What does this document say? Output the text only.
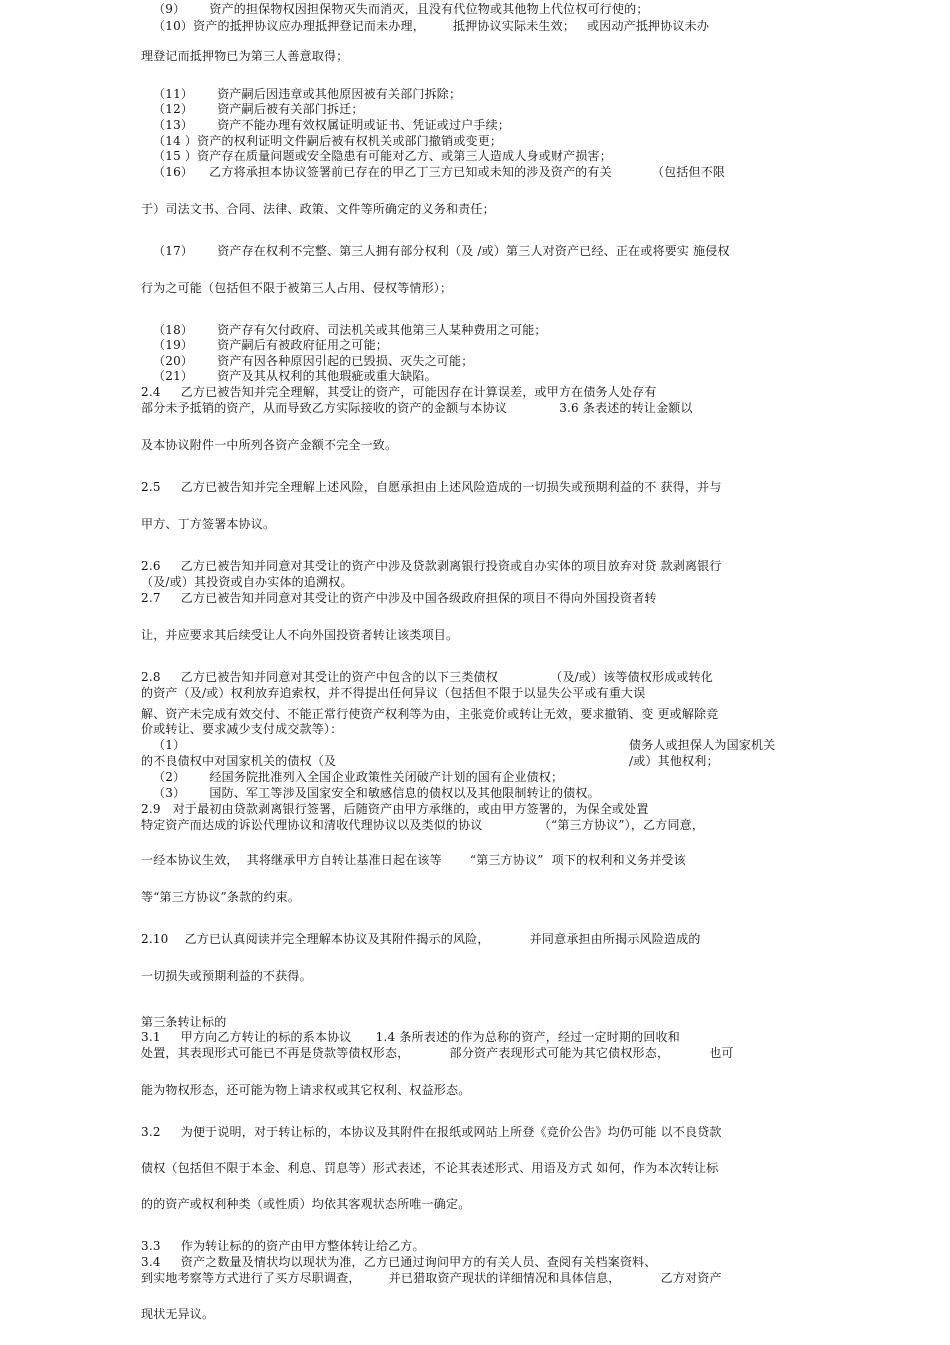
（9）      资产的担保物权因担保物灭失而消灭，且没有代位物或其他物上代位权可行使的；
（10）资产的抵押协议应办理抵押登记而未办理，       抵押协议实际未生效；   或因动产抵押协议未办
理登记而抵押物已为第三人善意取得；
（11）      资产嗣后因违章或其他原因被有关部门拆除；
（12）      资产嗣后被有关部门拆迁；
（13）      资产不能办理有效权属证明或证书、凭证或过户手续；
（14 ）资产的权利证明文件嗣后被有权机关或部门撤销或变更；
（15 ）资产存在质量问题或安全隐患有可能对乙方、或第三人造成人身或财产损害；
（16）    乙方将承担本协议签署前已存在的甲乙丁三方已知或未知的涉及资产的有关          （包括但不限
于）司法文书、合同、法律、政策、文件等所确定的义务和责任；
（17）      资产存在权利不完整、第三人拥有部分权利（及 /或）第三人对资产已经、正在或将要实 施侵权
行为之可能（包括但不限于被第三人占用、侵权等情形）；
（18）      资产存有欠付政府、司法机关或其他第三人某种费用之可能；
（19）      资产嗣后有被政府征用之可能；
（20）      资产有因各种原因引起的已毁损、灭失之可能；
（21）      资产及其从权利的其他瑕疵或重大缺陷。
2.4     乙方已被告知并完全理解，其受让的资产，可能因存在计算误差，或甲方在债务人处存有
部分未予抵销的资产，从而导致乙方实际接收的资产的金额与本协议             3.6 条表述的转让金额以
及本协议附件一中所列各资产金额不完全一致。
2.5     乙方已被告知并完全理解上述风险，自愿承担由上述风险造成的一切损失或预期利益的不 获得，并与
甲方、丁方签署本协议。
2.6     乙方已被告知并同意对其受让的资产中涉及贷款剥离银行投资或自办实体的项目放弃对贷 款剥离银行
（及/或）其投资或自办实体的追溯权。
2.7     乙方已被告知并同意对其受让的资产中涉及中国各级政府担保的项目不得向外国投资者转
让，并应要求其后续受让人不向外国投资者转让该类项目。
2.8     乙方已被告知并同意对其受让的资产中包含的以下三类债权             （及/或）该等债权形成或转化
的资产（及/或）权利放弃追索权，并不得提出任何异议（包括但不限于以显失公平或有重大误
解、资产未完成有效交付、不能正常行使资产权利等为由，主张竞价或转让无效，要求撤销、变 更或解除竞
价或转让、要求减少支付成交款等）：
（1）	债务人或担保人为国家机关
的不良债权中对国家机关的债权（及	/或）其他权利；
（2）      经国务院批准列入全国企业政策性关闭破产计划的国有企业债权；
（3）      国防、军工等涉及国家安全和敏感信息的债权以及其他限制转让的债权。
2.9   对于最初由贷款剥离银行签署，后随资产由甲方承继的，或由甲方签署的，为保全或处置
特定资产而达成的诉讼代理协议和清收代理协议以及类似的协议              （“第三方协议”），乙方同意，
一经本协议生效，  其将继承甲方自转让基准日起在该等       “第三方协议”  项下的权利和义务并受该
等“第三方协议”条款的约束。
2.10    乙方已认真阅读并完全理解本协议及其附件揭示的风险，          并同意承担由所揭示风险造成的
一切损失或预期利益的不获得。
第三条转让标的
3.1     甲方向乙方转让的标的系本协议      1.4 条所表述的作为总称的资产，经过一定时期的回收和
处置，其表现形式可能已不再是贷款等债权形态，          部分资产表现形式可能为其它债权形态，          也可
能为物权形态，还可能为物上请求权或其它权利、权益形态。
3.2     为便于说明，对于转让标的，本协议及其附件在报纸或网站上所登《竞价公告》均仍可能 以不良贷款
债权（包括但不限于本金、利息、罚息等）形式表述，不论其表述形式、用语及方式 如何，作为本次转让标
的的资产或权利种类（或性质）均依其客观状态所唯一确定。
3.3     作为转让标的的资产由甲方整体转让给乙方。
3.4     资产之数量及情状均以现状为准，乙方已通过询问甲方的有关人员、查阅有关档案资料、
到实地考察等方式进行了买方尽职调查，       并已猎取资产现状的详细情况和具体信息，          乙方对资产
现状无异议。
